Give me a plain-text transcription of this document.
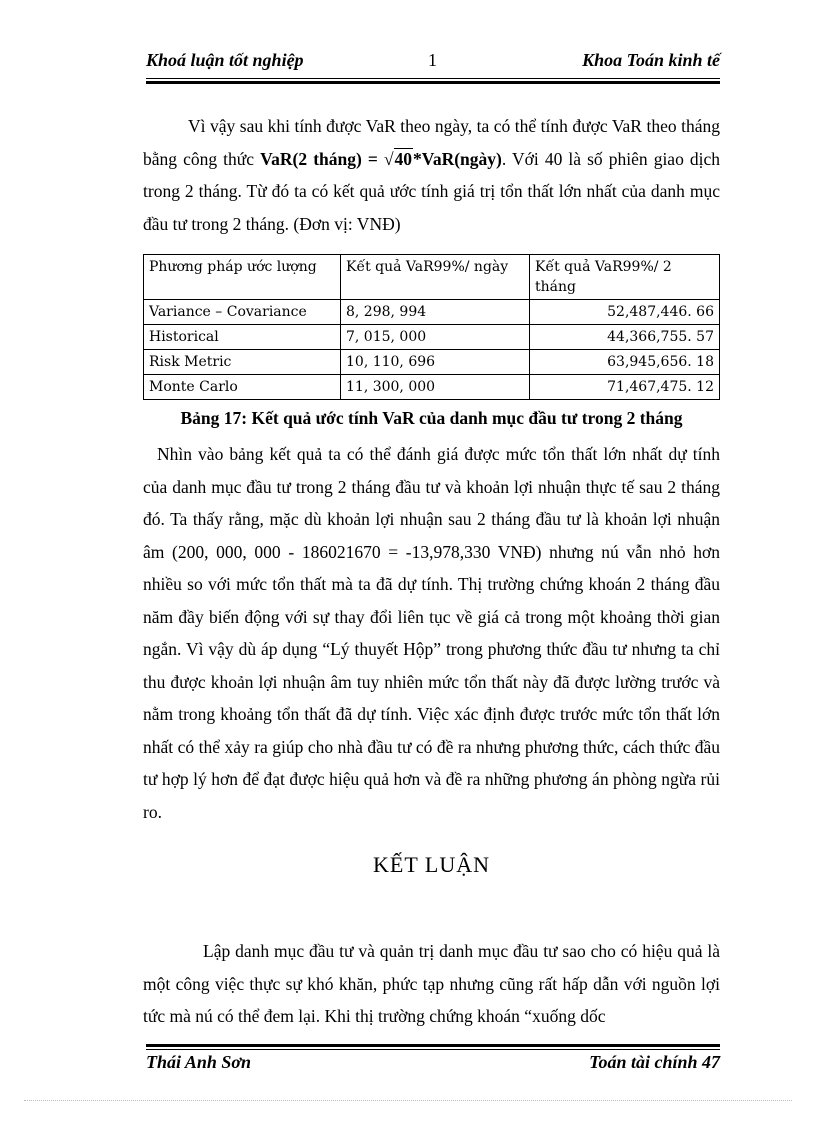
Khoá luận tốt nghiệp	1	Khoa Toán kinh tế
Vì vậy sau khi tính được VaR theo ngày, ta có thể tính được VaR theo tháng bằng công thức VaR(2 tháng) = √40*VaR(ngày). Với 40 là số phiên giao dịch trong 2 tháng. Từ đó ta có kết quả ước tính giá trị tổn thất lớn nhất của danh mục đầu tư trong 2 tháng. (Đơn vị: VNĐ)
Phương pháp ước lượng	Kết quả VaR99%/ ngày	Kết quả VaR99%/ 2 tháng
Variance – Covariance	8, 298, 994	52,487,446. 66
Historical	7, 015, 000	44,366,755. 57
Risk Metric	10, 110, 696	63,945,656. 18
Monte Carlo	11, 300, 000	71,467,475. 12
Bảng 17: Kết quả ước tính VaR của danh mục đầu tư trong 2 tháng
Nhìn vào bảng kết quả ta có thể đánh giá được mức tổn thất lớn nhất dự tính của danh mục đầu tư trong 2 tháng đầu tư và khoản lợi nhuận thực tế sau 2 tháng đó. Ta thấy rằng, mặc dù khoản lợi nhuận sau 2 tháng đầu tư là khoản lợi nhuận âm (200, 000, 000 - 186021670 = -13,978,330 VNĐ) nhưng nú vẫn nhỏ hơn nhiều so với mức tổn thất mà ta đã dự tính. Thị trường chứng khoán 2 tháng đầu năm đầy biến động với sự thay đổi liên tục về giá cả trong một khoảng thời gian ngắn. Vì vậy dù áp dụng “Lý thuyết Hộp” trong phương thức đầu tư nhưng ta chỉ thu được khoản lợi nhuận âm tuy nhiên mức tổn thất này đã được lường trước và nằm trong khoảng tổn thất đã dự tính. Việc xác định được trước mức tổn thất lớn nhất có thể xảy ra giúp cho nhà đầu tư có đề ra nhưng phương thức, cách thức đầu tư hợp lý hơn để đạt được hiệu quả hơn và đề ra những phương án phòng ngừa rủi ro.
KẾT LUẬN
Lập danh mục đầu tư và quản trị danh mục đầu tư sao cho có hiệu quả là một công việc thực sự khó khăn, phức tạp nhưng cũng rất hấp dẫn với nguồn lợi tức mà nú có thể đem lại. Khi thị trường chứng khoán “xuống dốc
Thái Anh Sơn	Toán tài chính 47
